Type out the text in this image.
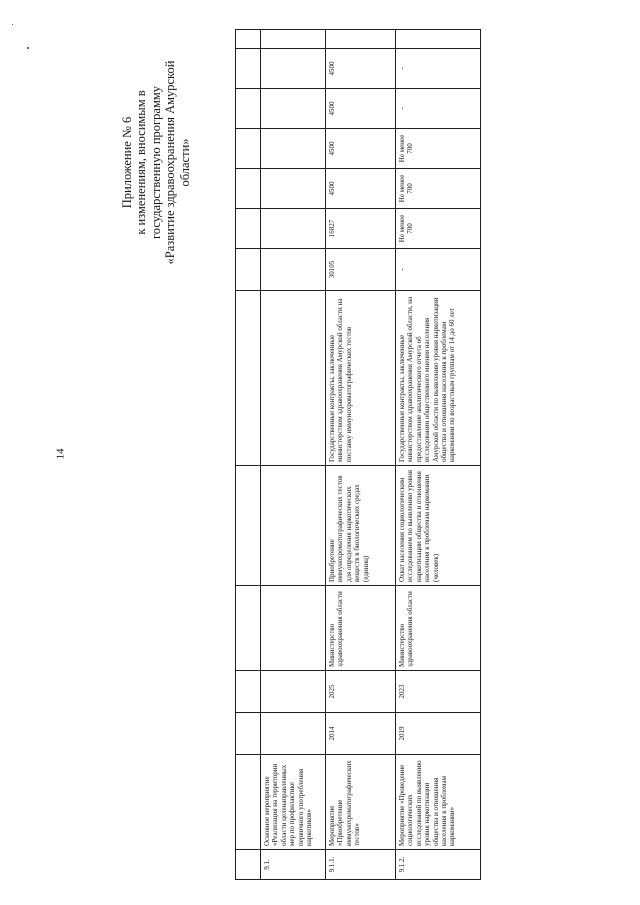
14
Приложение № 6 к изменениям, вносимым в государственную программу «Развитие здравоохранения Амурской области»

9.1.	Основное мероприятие «Реализация на территории области целенаправленных мер по профилактике первичного употребления наркотиков»												
9.1.1.	Мероприятие «Приобретение иммунохроматографических тестов»	2014	2025	Министерство здравоохранения области	Приобретение иммунохроматографических тестов для определения наркотических веществ в биологических средах (единиц)	Государственные контракты, заключенные министерством здравоохранения Амурской области на поставку иммунохроматографических тестов	30105	16827	4500	4500	4500	4500	
9.1.2.	Мероприятие «Проведение социологических исследований по выявлению уровня наркотизации общества и отношения населения к проблемам наркомании»	2019	2023	Министерство здравоохранения области	Охват населения социологическим исследованием по выявлению уровня наркотизации общества и отношения населения к проблемам наркомании (человек)	Государственные контракты, заключенные министерством здравоохранения Амурской области, на предоставление аналитического отчета об исследовании общественного мнения населения Амурской области по выявлению уровня наркотизации общества и отношения населения к проблемам наркомании по возрастным группам от 14 до 60 лет	-	Не менее 700	Не менее 700	Не менее 700	-	-	
